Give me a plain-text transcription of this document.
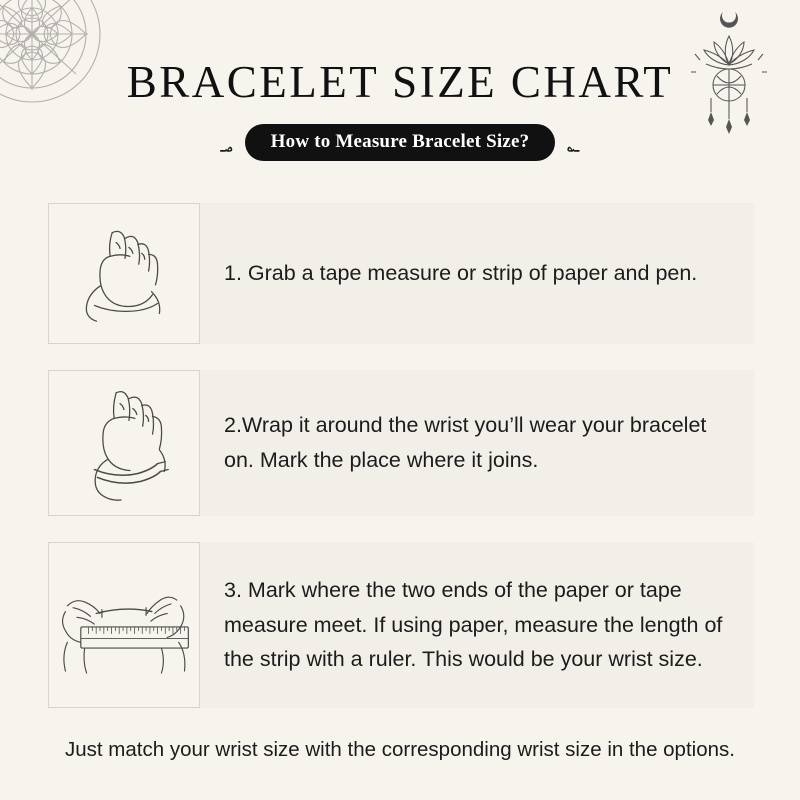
BRACELET SIZE CHART
؃	How to Measure Bracelet Size?	؃
1. Grab a tape measure or strip of paper and pen.
2.Wrap it around the wrist you’ll wear your bracelet on. Mark the place where it joins.
3. Mark where the two ends of the paper or tape measure meet. If using paper, measure the length of the strip with a ruler. This would be your wrist size.
Just match your wrist size with the corresponding wrist size in the options.
